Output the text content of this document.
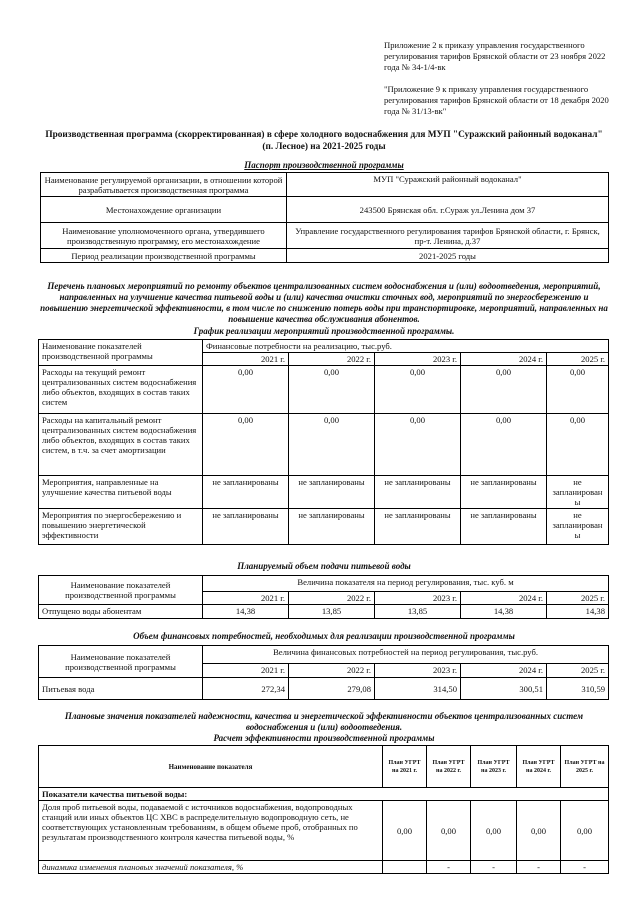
Приложение 2 к приказу управления государственного регулирования тарифов Брянской области от 23 ноября 2022 года № 34-1/4-вк
"Приложение 9 к приказу управления государственного регулирования тарифов Брянской области от 18 декабря 2020 года № 31/13-вк"
Производственная программа (скорректированная) в сфере холодного водоснабжения для МУП "Суражский районный водоканал" (п. Лесное) на 2021-2025 годы
Паспорт производственной программы
Наименование регулируемой организации, в отношении которой разрабатывается производственная программа	МУП "Суражский районный водоканал"
Местонахождение организации	243500 Брянская обл. г.Сураж ул.Ленина дом 37
Наименование уполномоченного органа, утвердившего производственную программу, его местонахождение	Управление государственного регулирования тарифов Брянской области, г. Брянск, пр-т. Ленина, д.37
Период реализации производственной программы	2021-2025 годы
Перечень плановых мероприятий по ремонту объектов централизованных систем водоснабжения и (или) водоотведения, мероприятий, направленных на улучшение качества питьевой воды и (или) качества очистки сточных вод, мероприятий по энергосбережению и повышению энергетической эффективности, в том числе по снижению потерь воды при транспортировке, мероприятий, направленных на повышение качества обслуживания абонентов.
График реализации мероприятий производственной программы.
Наименование показателей производственной программы	Финансовые потребности на реализацию, тыс.руб.				
	2021 г.	2022 г.	2023 г.	2024 г.	2025 г.
Расходы на текущий ремонт централизованных систем водоснабжения либо объектов, входящих в состав таких систем	0,00	0,00	0,00	0,00	0,00
Расходы на капитальный ремонт централизованных систем водоснабжения либо объектов, входящих в состав таких систем, в т.ч. за счет амортизации	0,00	0,00	0,00	0,00	0,00
Мероприятия, направленные на улучшение качества питьевой воды	не запланированы	не запланированы	не запланированы	не запланированы	не запланирован ы
Мероприятия по энергосбережению и повышению энергетической эффективности	не запланированы	не запланированы	не запланированы	не запланированы	не запланирован ы
Планируемый объем подачи питьевой воды
Наименование показателей производственной программы	Величина показателя на период регулирования, тыс. куб. м				
	2021 г.	2022 г.	2023 г.	2024 г.	2025 г.
Отпущено воды абонентам	14,38	13,85	13,85	14,38	14,38
Объем финансовых потребностей, необходимых для реализации производственной программы
Наименование показателей производственной программы	Величина финансовых потребностей на период регулирования, тыс.руб.				
	2021 г.	2022 г.	2023 г.	2024 г.	2025 г.
Питьевая вода	272,34	279,08	314,50	300,51	310,59
Плановые значения показателей надежности, качества и энергетической эффективности объектов централизованных систем водоснабжения и (или) водоотведения.
Расчет эффективности производственной программы
Наименование показателя	План УГРТ на 2021 г.	План УГРТ на 2022 г.	План УГРТ на 2023 г.	План УГРТ на 2024 г.	План УГРТ на 2025 г.
Показатели качества питьевой воды:					
Доля проб питьевой воды, подаваемой с источников водоснабжения, водопроводных станций или иных объектов ЦС ХВС в распределительную водопроводную сеть, не соответствующих установленным требованиям, в общем объеме проб, отобранных по результатам производственного контроля качества питьевой воды, %	0,00	0,00	0,00	0,00	0,00
динамика изменения плановых значений показателя, %		-	-	-	-
